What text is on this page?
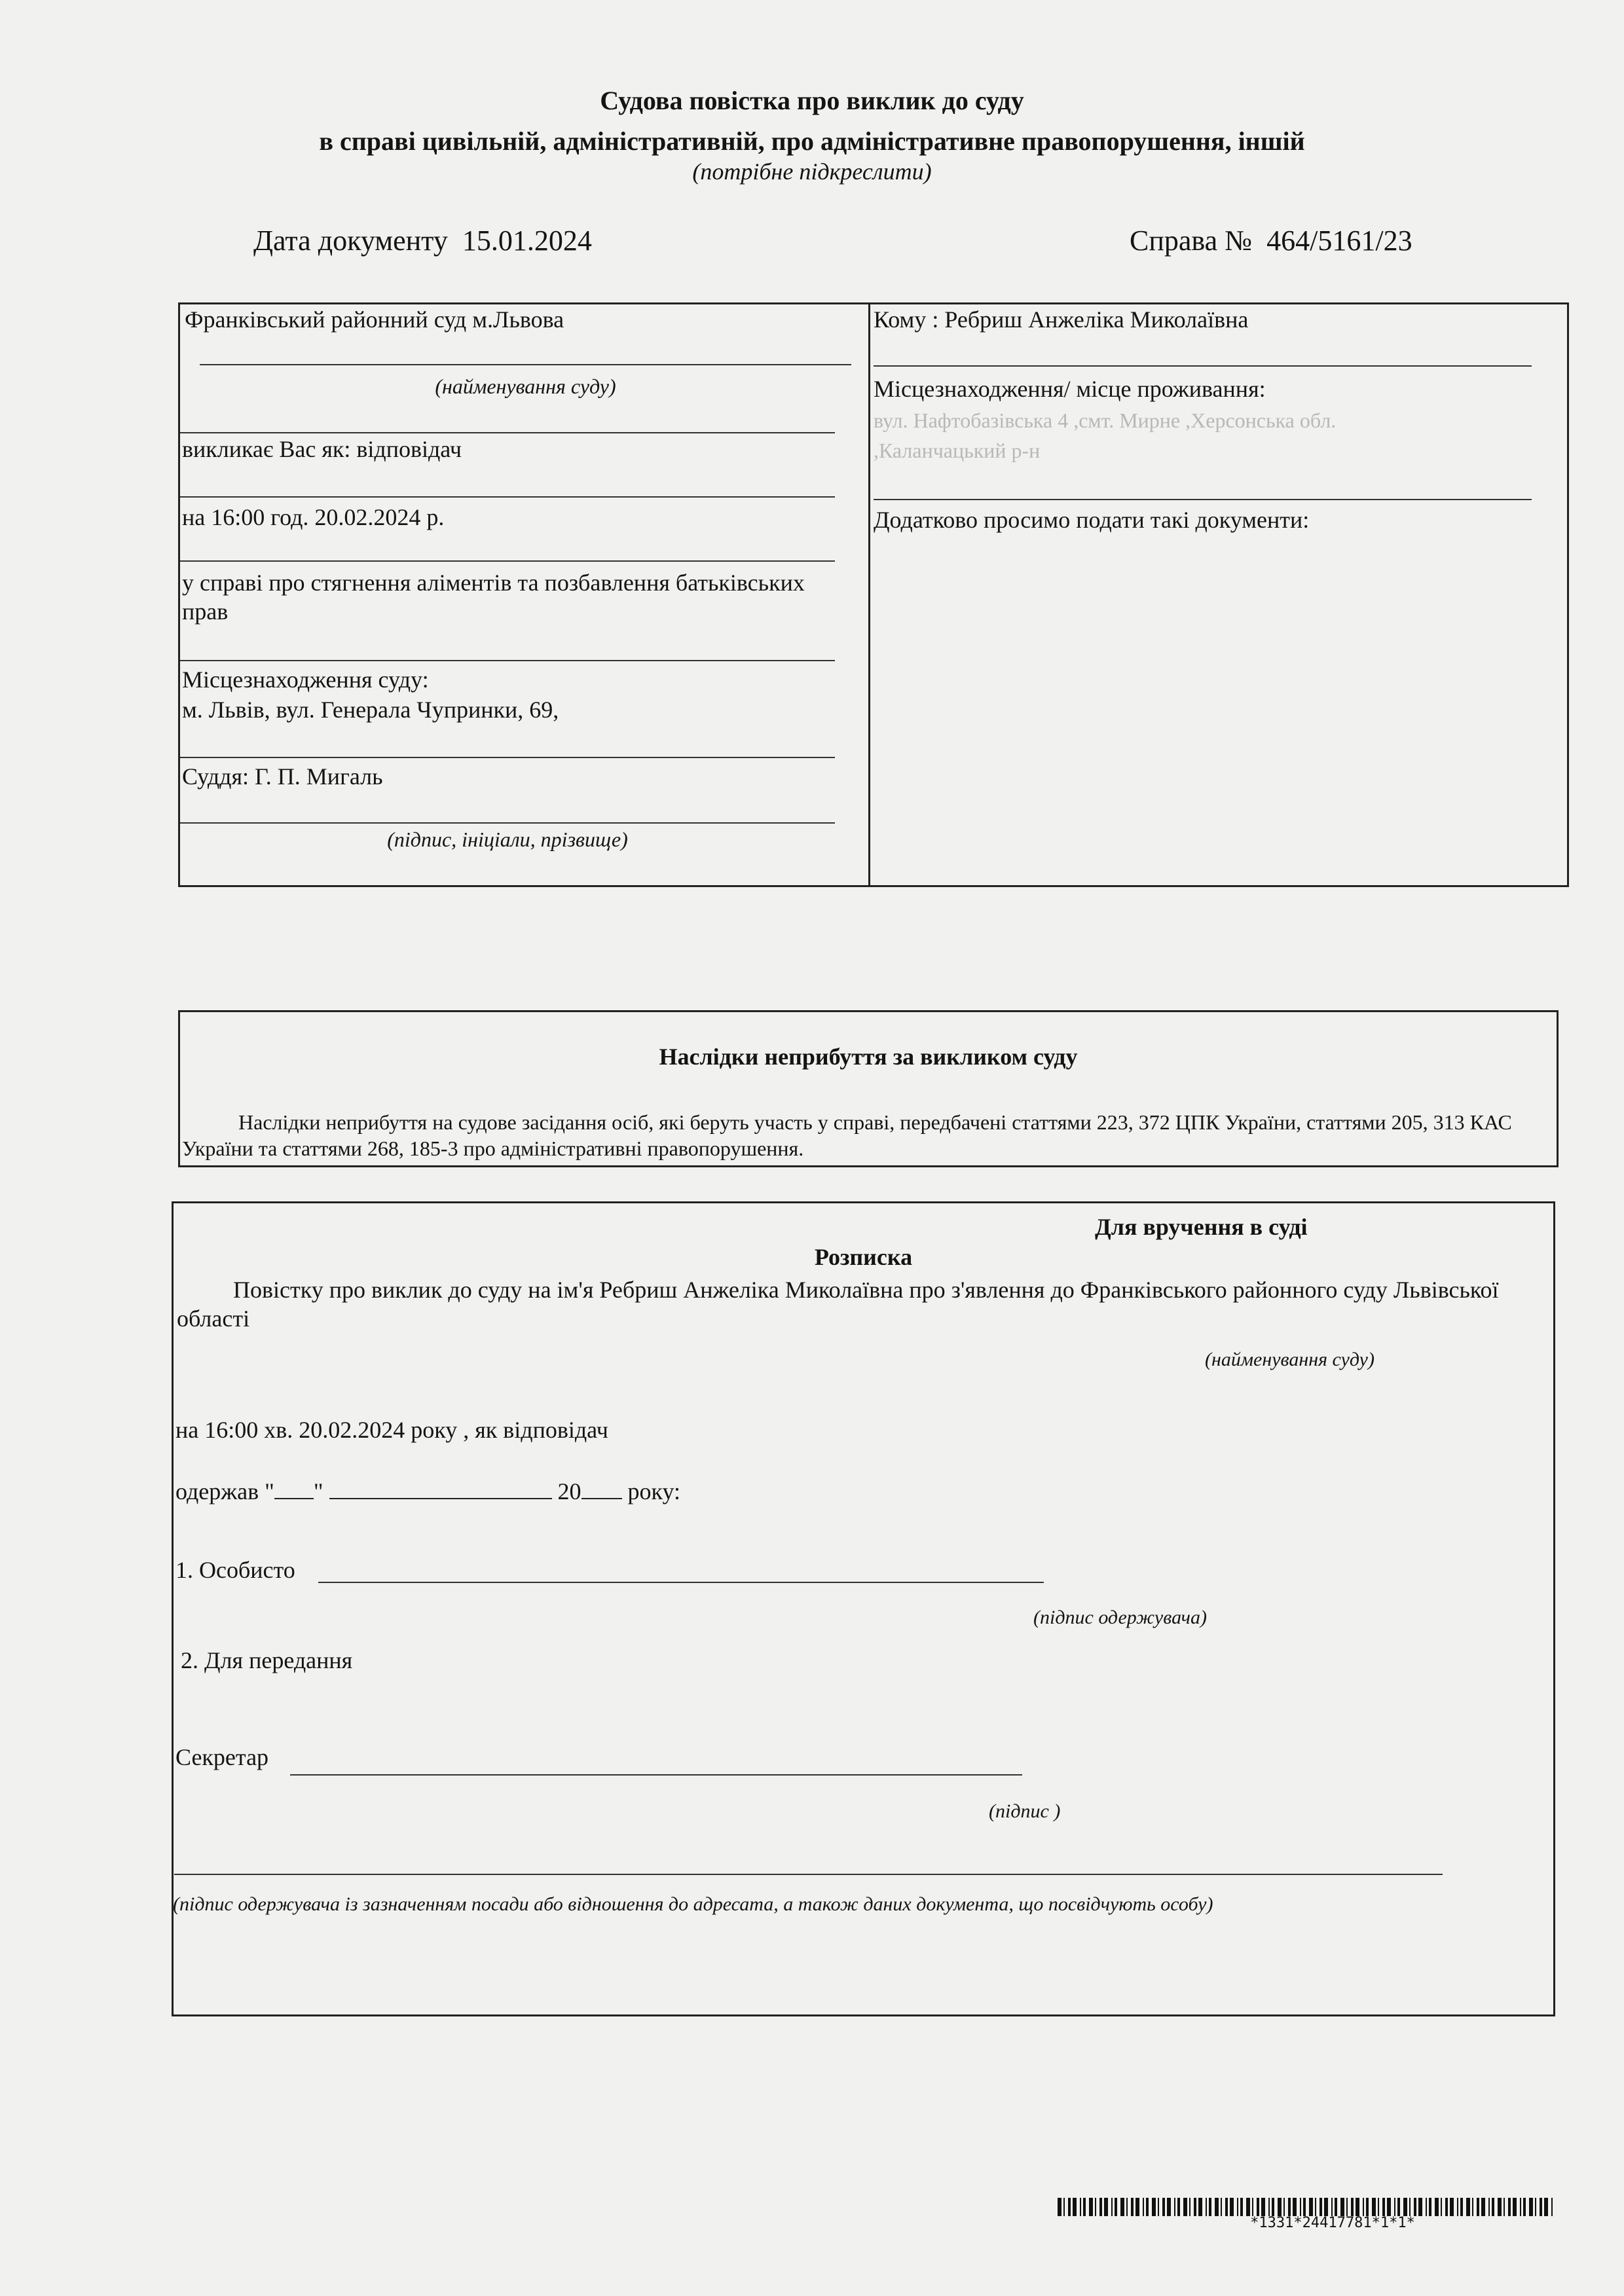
Судова повістка про виклик до суду
в справі цивільній, адміністративній, про адміністративне правопорушення, іншій
(потрібне підкреслити)
Дата документу 15.01.2024	Справа № 464/5161/23
Франківський районний суд м.Львова
(найменування суду)
викликає Вас як: відповідач
на 16:00 год. 20.02.2024 р.
у справі про стягнення аліментів та позбавлення батьківських прав
Місцезнаходження суду:
м. Львів, вул. Генерала Чупринки, 69,
Суддя: Г. П. Мигаль
(підпис, ініціали, прізвище)
Кому : Ребриш Анжеліка Миколаївна
Місцезнаходження/ місце проживання:
вул. Нафтобазівська 4 ,смт. Мирне ,Херсонська обл.
,Каланчацький р-н
Додатково просимо подати такі документи:
Наслідки неприбуття за викликом суду
Наслідки неприбуття на судове засідання осіб, які беруть участь у справі, передбачені статтями 223, 372 ЦПК України, статтями 205, 313 КАС України та статтями 268, 185-3 про адміністративні правопорушення.
Для вручення в суді
Розписка
Повістку про виклик до суду на ім'я Ребриш Анжеліка Миколаївна про з'явлення до Франківського районного суду Львівської області
(найменування суду)
на 16:00 хв. 20.02.2024 року , як відповідач
одержав " "	20 року:
1. Особисто
(підпис одержувача)
2. Для передання
Секретар
(підпис )
(підпис одержувача із зазначенням посади або відношення до адресата, а також даних документа, що посвідчують особу)
*1331*24417781*1*1*
